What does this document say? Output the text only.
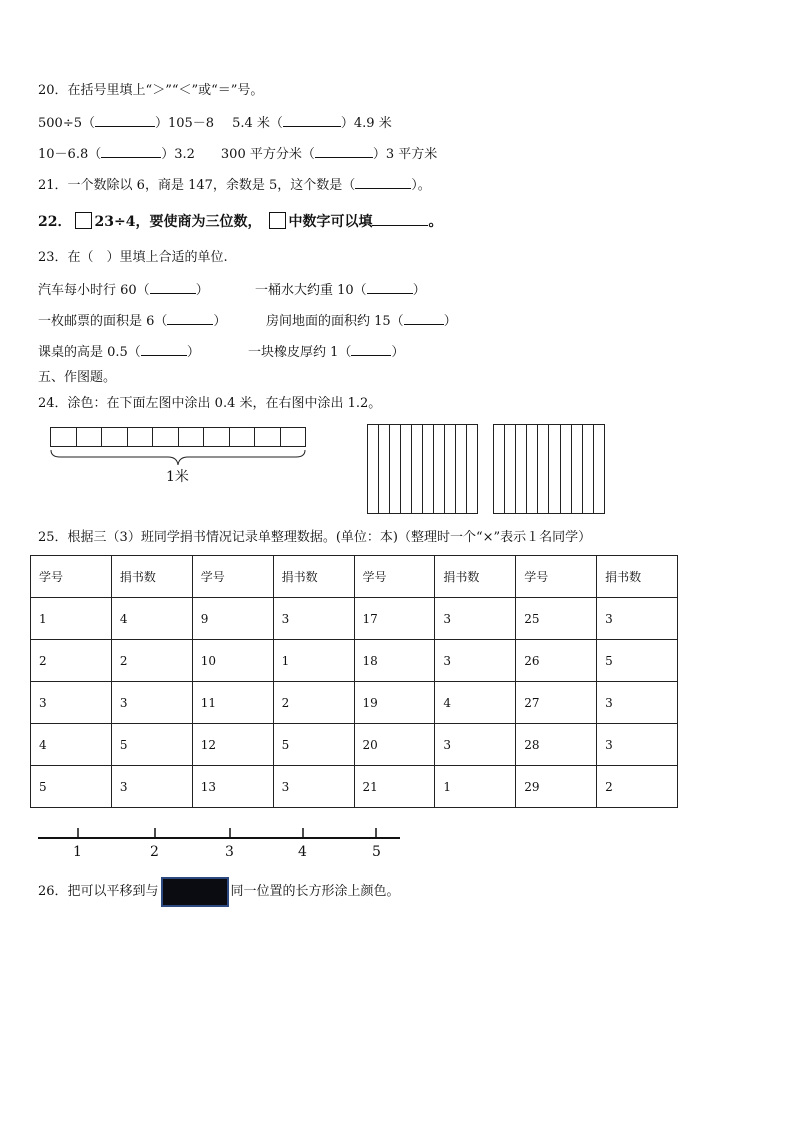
20．在括号里填上“＞”“＜”或“＝”号。
500÷5（	）105－8 5.4 米（	）4.9 米
10－6.8（	）3.2 300 平方分米（	）3 平方米
21．一个数除以 6，商是 147，余数是 5，这个数是（	）。
22． 23÷4，要使商为三位数， 中数字可以填	。
23．在（　）里填上合适的单位.
汽车每小时行 60（	）	一桶水大约重 10（	）
一枚邮票的面积是 6（	）	房间地面的面积约 15（	）
课桌的高是 0.5（	）	一块橡皮厚约 1（	）
五、作图题。
24．涂色：在下面左图中涂出 0.4 米，在右图中涂出 1.2。
1米
25．根据三（3）班同学捐书情况记录单整理数据。(单位：本)（整理时一个“×”表示１名同学）
学号	捐书数	学号	捐书数	学号	捐书数	学号	捐书数
1	4	9	3	17	3	25	3
2	2	10	1	18	3	26	5
3	3	11	2	19	4	27	3
4	5	12	5	20	3	28	3
5	3	13	3	21	1	29	2
1	2	3	4	5
26．把可以平移到与	同一位置的长方形涂上颜色。
